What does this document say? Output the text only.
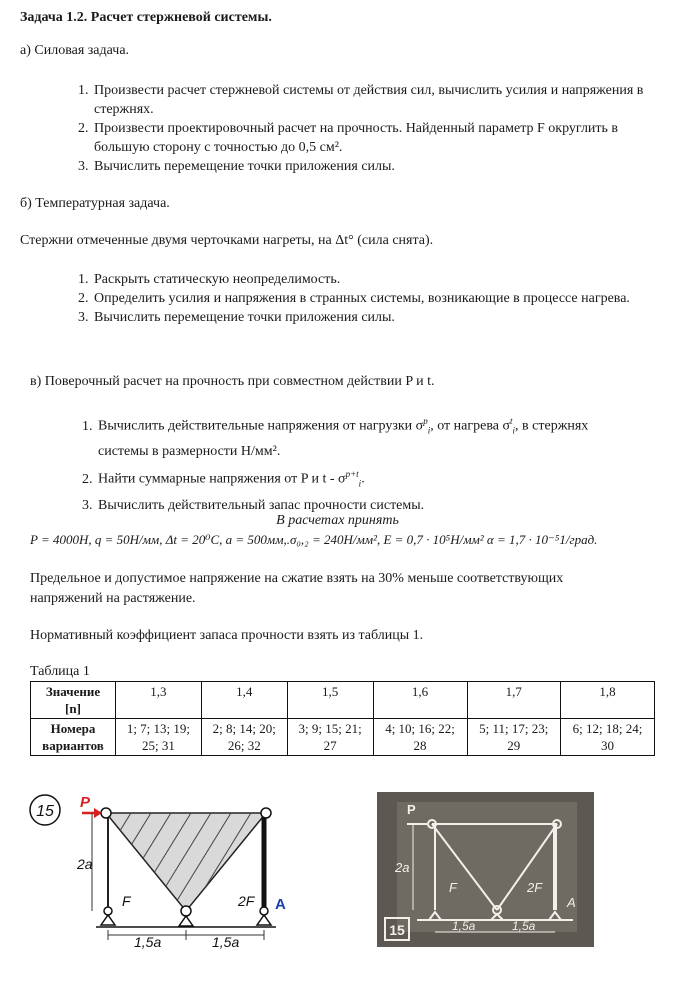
Задача 1.2. Расчет стержневой системы.
а) Силовая задача.
1. Произвести расчет стержневой системы от действия сил, вычислить усилия и напряжения в стержнях.
2. Произвести проектировочный расчет на прочность. Найденный параметр F округлить в большую сторону с точностью до 0,5 см².
3. Вычислить перемещение точки приложения силы.
б) Температурная задача.
Стержни отмеченные двумя черточками нагреты, на Δt° (сила снята).
1. Раскрыть статическую неопределимость.
2. Определить усилия и напряжения в странных системы, возникающие в процессе нагрева.
3. Вычислить перемещение точки приложения силы.
в) Поверочный расчет на прочность при совместном действии P и t.
1. Вычислить действительные напряжения от нагрузки $\sigma^p_i$, от нагрева $\sigma^t_i$, в стержнях
системы в размерности Н/мм².
2. Найти суммарные напряжения от P и t - $\sigma^{p+t}_i$.
3. Вычислить действительный запас прочности системы.
В расчетах принять
P = 4000Н, q = 50Н/мм, Δt = 20⁰C, a = 500мм,.σ₀,₂ = 240Н/мм², E = 0,7 · 10⁵Н/мм² α = 1,7 · 10⁻⁵1/град.
Предельное и допустимое напряжение на сжатие взять на 30% меньше соответствующих
напряжений на растяжение.
Нормативный коэффициент запаса прочности взять из таблицы 1.
Таблица 1
Значение
[n]	1,3	1,4	1,5	1,6	1,7	1,8
Номера
вариантов	1; 7; 13; 19;
25; 31	2; 8; 14; 20;
26; 32	3; 9; 15; 21;
27	4; 10; 16; 22;
28	5; 11; 17; 23;
29	6; 12; 18; 24;
30
15
P
2a
F	2F A
1,5a	1,5a
15
P
2a
F	2F
A
1,5a	1,5a
